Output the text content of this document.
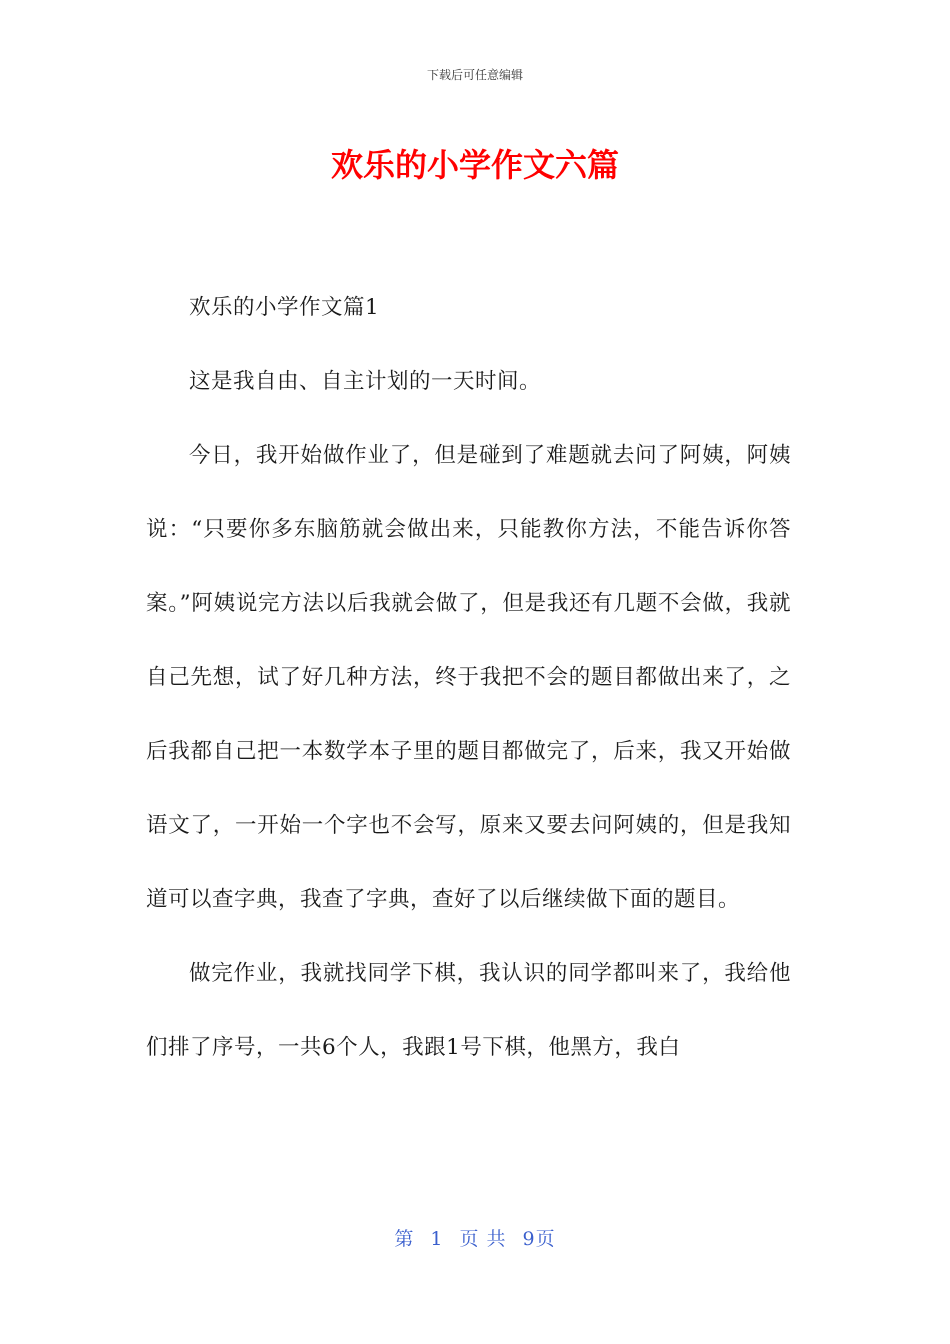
下载后可任意编辑
欢乐的小学作文六篇

欢乐的小学作文篇1

这是我自由、自主计划的一天时间。

今日，我开始做作业了，但是碰到了难题就去问了阿姨，阿姨说：“只要你多东脑筋就会做出来，只能教你方法，不能告诉你答案。”阿姨说完方法以后我就会做了，但是我还有几题不会做，我就自己先想，试了好几种方法，终于我把不会的题目都做出来了，之后我都自己把一本数学本子里的题目都做完了，后来，我又开始做语文了，一开始一个字也不会写，原来又要去问阿姨的，但是我知道可以查字典，我查了字典，查好了以后继续做下面的题目。

做完作业，我就找同学下棋，我认识的同学都叫来了，我给他们排了序号，一共6个人，我跟1号下棋，他黑方，我白

第 1 页 共 9页
